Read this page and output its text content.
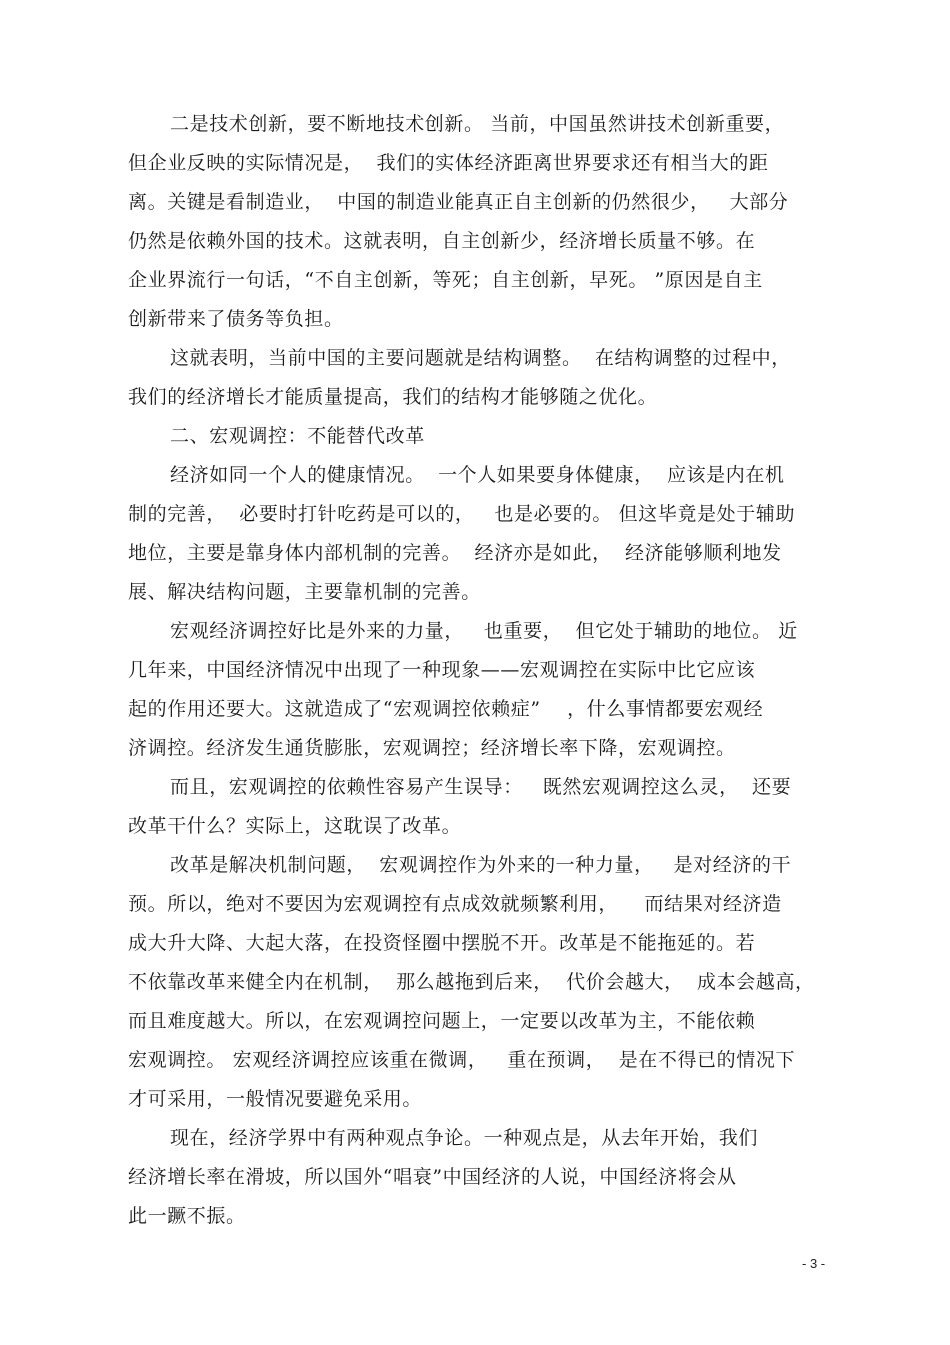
二是技术创新，要不断地技术创新。 当前，中国虽然讲技术创新重要，
但企业反映的实际情况是，  我们的实体经济距离世界要求还有相当大的距
离。关键是看制造业，  中国的制造业能真正自主创新的仍然很少，   大部分
仍然是依赖外国的技术。这就表明，自主创新少，经济增长质量不够。在
企业界流行一句话，“不自主创新，等死；自主创新，早死。 ”原因是自主
创新带来了债务等负担。
这就表明，当前中国的主要问题就是结构调整。  在结构调整的过程中，
我们的经济增长才能质量提高，我们的结构才能够随之优化。
二、宏观调控：不能替代改革
经济如同一个人的健康情况。  一个人如果要身体健康，  应该是内在机
制的完善，  必要时打针吃药是可以的，   也是必要的。 但这毕竟是处于辅助
地位，主要是靠身体内部机制的完善。  经济亦是如此，  经济能够顺利地发
展、解决结构问题，主要靠机制的完善。
宏观经济调控好比是外来的力量，   也重要，  但它处于辅助的地位。 近
几年来，中国经济情况中出现了一种现象——宏观调控在实际中比它应该
起的作用还要大。这就造成了“宏观调控依赖症”    ，什么事情都要宏观经
济调控。经济发生通货膨胀，宏观调控；经济增长率下降，宏观调控。
而且，宏观调控的依赖性容易产生误导：   既然宏观调控这么灵，  还要
改革干什么？实际上，这耽误了改革。
改革是解决机制问题，  宏观调控作为外来的一种力量，   是对经济的干
预。所以，绝对不要因为宏观调控有点成效就频繁利用，    而结果对经济造
成大升大降、大起大落，在投资怪圈中摆脱不开。改革是不能拖延的。若
不依靠改革来健全内在机制，  那么越拖到后来，  代价会越大，  成本会越高，
而且难度越大。所以，在宏观调控问题上，一定要以改革为主，不能依赖
宏观调控。 宏观经济调控应该重在微调，   重在预调，  是在不得已的情况下
才可采用，一般情况要避免采用。
现在，经济学界中有两种观点争论。一种观点是，从去年开始，我们
经济增长率在滑坡，所以国外“唱衰”中国经济的人说，中国经济将会从
此一蹶不振。
- 3 -
